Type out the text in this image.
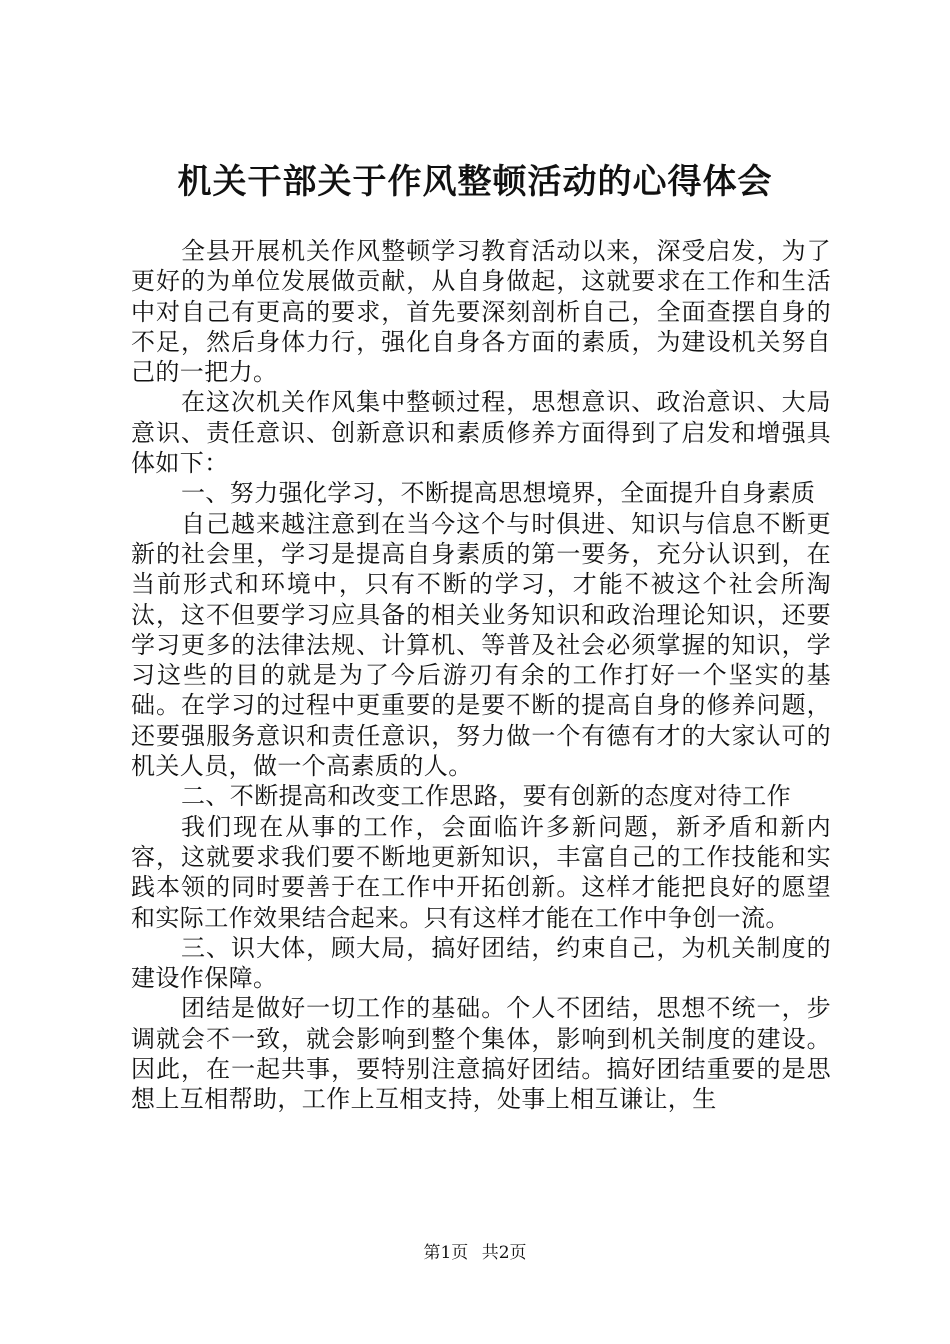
机关干部关于作风整顿活动的心得体会

全县开展机关作风整顿学习教育活动以来，深受启发，为了更好的为单位发展做贡献，从自身做起，这就要求在工作和生活中对自己有更高的要求，首先要深刻剖析自己，全面查摆自身的不足，然后身体力行，强化自身各方面的素质，为建设机关努自己的一把力。

在这次机关作风集中整顿过程，思想意识、政治意识、大局意识、责任意识、创新意识和素质修养方面得到了启发和增强具体如下：

一、努力强化学习，不断提高思想境界，全面提升自身素质

自己越来越注意到在当今这个与时俱进、知识与信息不断更新的社会里，学习是提高自身素质的第一要务，充分认识到，在当前形式和环境中，只有不断的学习，才能不被这个社会所淘汰，这不但要学习应具备的相关业务知识和政治理论知识，还要学习更多的法律法规、计算机、等普及社会必须掌握的知识，学习这些的目的就是为了今后游刃有余的工作打好一个坚实的基础。在学习的过程中更重要的是要不断的提高自身的修养问题，还要强服务意识和责任意识，努力做一个有德有才的大家认可的机关人员，做一个高素质的人。

二、不断提高和改变工作思路，要有创新的态度对待工作

我们现在从事的工作，会面临许多新问题，新矛盾和新内容，这就要求我们要不断地更新知识，丰富自己的工作技能和实践本领的同时要善于在工作中开拓创新。这样才能把良好的愿望和实际工作效果结合起来。只有这样才能在工作中争创一流。

三、识大体，顾大局，搞好团结，约束自己，为机关制度的建设作保障。

团结是做好一切工作的基础。个人不团结，思想不统一，步调就会不一致，就会影响到整个集体，影响到机关制度的建设。因此，在一起共事，要特别注意搞好团结。搞好团结重要的是思想上互相帮助，工作上互相支持，处事上相互谦让，生

第1页 共2页
